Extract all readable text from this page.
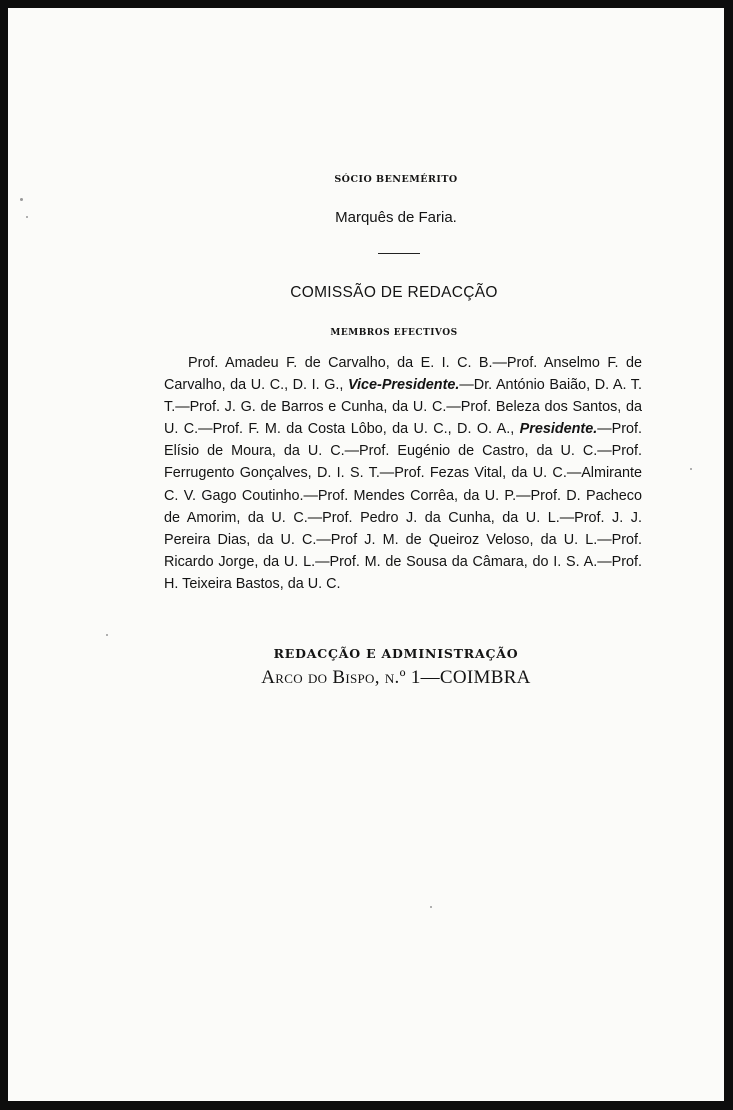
SÓCIO BENEMÉRITO
Marquês de Faria.
COMISSÃO DE REDACÇÃO
MEMBROS EFECTIVOS
Prof. Amadeu F. de Carvalho, da E. I. C. B.—Prof. Anselmo F. de Carvalho, da U. C., D. I. G., Vice-Presidente.—Dr. António Baião, D. A. T. T.—Prof. J. G. de Barros e Cunha, da U. C.—Prof. Beleza dos Santos, da U. C.—Prof. F. M. da Costa Lôbo, da U. C., D. O. A., Presidente.—Prof. Elísio de Moura, da U. C.—Prof. Eugénio de Castro, da U. C.—Prof. Ferrugento Gonçalves, D. I. S. T.—Prof. Fezas Vital, da U. C.—Almirante C. V. Gago Coutinho.—Prof. Mendes Corrêa, da U. P.—Prof. D. Pacheco de Amorim, da U. C.—Prof. Pedro J. da Cunha, da U. L.—Prof. J. J. Pereira Dias, da U. C.—Prof J. M. de Queiroz Veloso, da U. L.—Prof. Ricardo Jorge, da U. L.—Prof. M. de Sousa da Câmara, do I. S. A.—Prof. H. Teixeira Bastos, da U. C.
REDACÇÃO E ADMINISTRAÇÃO
Arco do Bispo, n.º 1—COIMBRA
